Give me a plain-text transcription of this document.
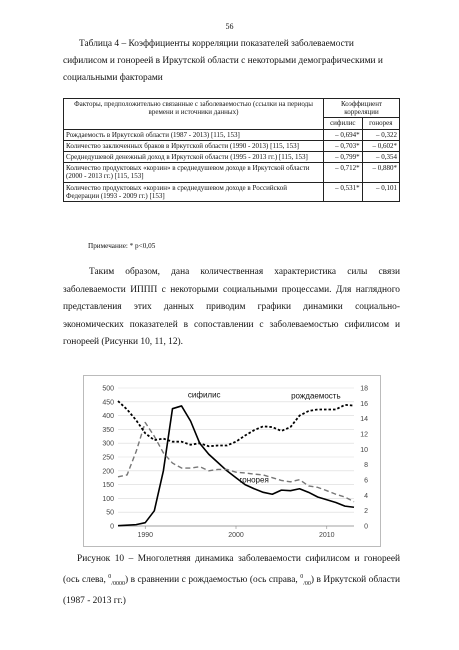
56
Таблица 4 – Коэффициенты корреляции показателей заболеваемости сифилисом и гонореей в Иркутской области с некоторыми демографическими и социальными факторами
Факторы, предположительно связанные с заболеваемостью (ссылки на периоды времени и источники данных)	Коэффициент корреляции	
	сифилис	гонорея
Рождаемость в Иркутской области (1987 - 2013) [115, 153]	– 0,694*	– 0,322
Количество заключенных браков в Иркутской области (1990 - 2013) [115, 153]	– 0,703*	– 0,602*
Среднедушевой денежный доход в Иркутской области (1995 - 2013 гг.) [115, 153]	– 0,799*	– 0,354
Количество продуктовых «корзин» в среднедушевом доходе в Иркутской области (2000 - 2013 гг.) [115, 153]	– 0,712*	– 0,880*
Количество продуктовых «корзин» в среднедушевом доходе в Российской Федерации (1993 - 2009 гг.) [153]	– 0,531*	– 0,101
Примечание: * p<0,05
Таким образом, дана количественная характеристика силы связи заболеваемости ИППП с некоторыми социальными процессами. Для наглядного представления этих данных приводим графики динамики социально-экономических показателей в сопоставлении с заболеваемостью сифилисом и гонореей (Рисунки 10, 11, 12).
0
50
100
150
200
250
300
350
400
450
500
0
2
4
6
8
10
12
14
16
18
1990	2000	2010
сифилис
гонорея
рождаемость
Рисунок 10 – Многолетняя динамика заболеваемости сифилисом и гонореей (ось слева, $^0_{/0000}$) в сравнении с рождаемостью (ось справа, $^0_{/00}$) в Иркутской области (1987 - 2013 гг.)
